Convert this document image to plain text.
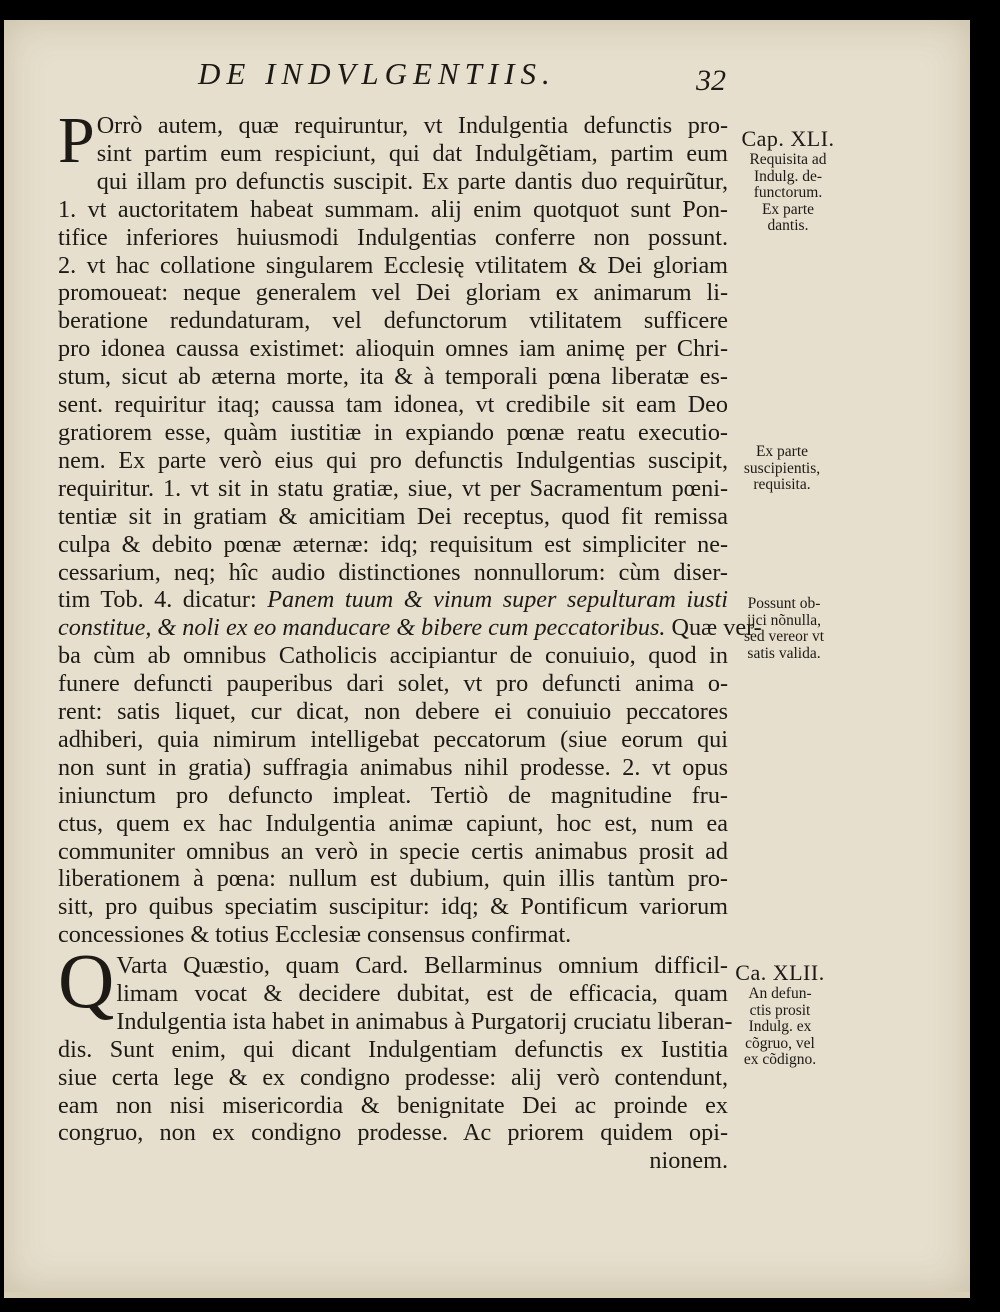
DE INDVLGENTIIS.	32
P Orrò autem, quæ requiruntur, vt Indulgentia defunctis pro-
sint partim eum respiciunt, qui dat Indulgẽtiam, partim eum
qui illam pro defunctis suscipit. Ex parte dantis duo requirũtur,
1. vt auctoritatem habeat summam. alij enim quotquot sunt Pon-
tifice inferiores huiusmodi Indulgentias conferre non possunt.
2. vt hac collatione singularem Ecclesię vtilitatem & Dei gloriam
promoueat: neque generalem vel Dei gloriam ex animarum li-
beratione redundaturam, vel defunctorum vtilitatem sufficere
pro idonea caussa existimet: alioquin omnes iam animę per Chri-
stum, sicut ab æterna morte, ita & à temporali pœna liberatæ es-
sent. requiritur itaq; caussa tam idonea, vt credibile sit eam Deo
gratiorem esse, quàm iustitiæ in expiando pœnæ reatu executio-
nem. Ex parte verò eius qui pro defunctis Indulgentias suscipit,
requiritur. 1. vt sit in statu gratiæ, siue, vt per Sacramentum pœni-
tentiæ sit in gratiam & amicitiam Dei receptus, quod fit remissa
culpa & debito pœnæ æternæ: idq; requisitum est simpliciter ne-
cessarium, neq; hîc audio distinctiones nonnullorum: cùm diser-
tim Tob. 4. dicatur: Panem tuum & vinum super sepulturam iusti
constitue, & noli ex eo manducare & bibere cum peccatoribus. Quæ ver-
ba cùm ab omnibus Catholicis accipiantur de conuiuio, quod in
funere defuncti pauperibus dari solet, vt pro defuncti anima o-
rent: satis liquet, cur dicat, non debere ei conuiuio peccatores
adhiberi, quia nimirum intelligebat peccatorum (siue eorum qui
non sunt in gratia) suffragia animabus nihil prodesse. 2. vt opus
iniunctum pro defuncto impleat. Tertiò de magnitudine fru-
ctus, quem ex hac Indulgentia animæ capiunt, hoc est, num ea
communiter omnibus an verò in specie certis animabus prosit ad
liberationem à pœna: nullum est dubium, quin illis tantùm pro-
sitt, pro quibus speciatim suscipitur: idq; & Pontificum variorum
concessiones & totius Ecclesiæ consensus confirmat.
Q Varta Quæstio, quam Card. Bellarminus omnium difficil-
limam vocat & decidere dubitat, est de efficacia, quam
Indulgentia ista habet in animabus à Purgatorij cruciatu liberan-
dis. Sunt enim, qui dicant Indulgentiam defunctis ex Iustitia
siue certa lege & ex condigno prodesse: alij verò contendunt,
eam non nisi misericordia & benignitate Dei ac proinde ex
congruo, non ex condigno prodesse. Ac priorem quidem opi-
nionem.
Cap. XLI.
Requisita ad
Indulg. de-
functorum.
Ex parte
dantis.
Ex parte
suscipientis,
requisita.
Possunt ob-
ijci nõnulla,
sed vereor vt
satis valida.
Ca. XLII.
An defun-
ctis prosit
Indulg. ex
cõgruo, vel
ex cõdigno.
